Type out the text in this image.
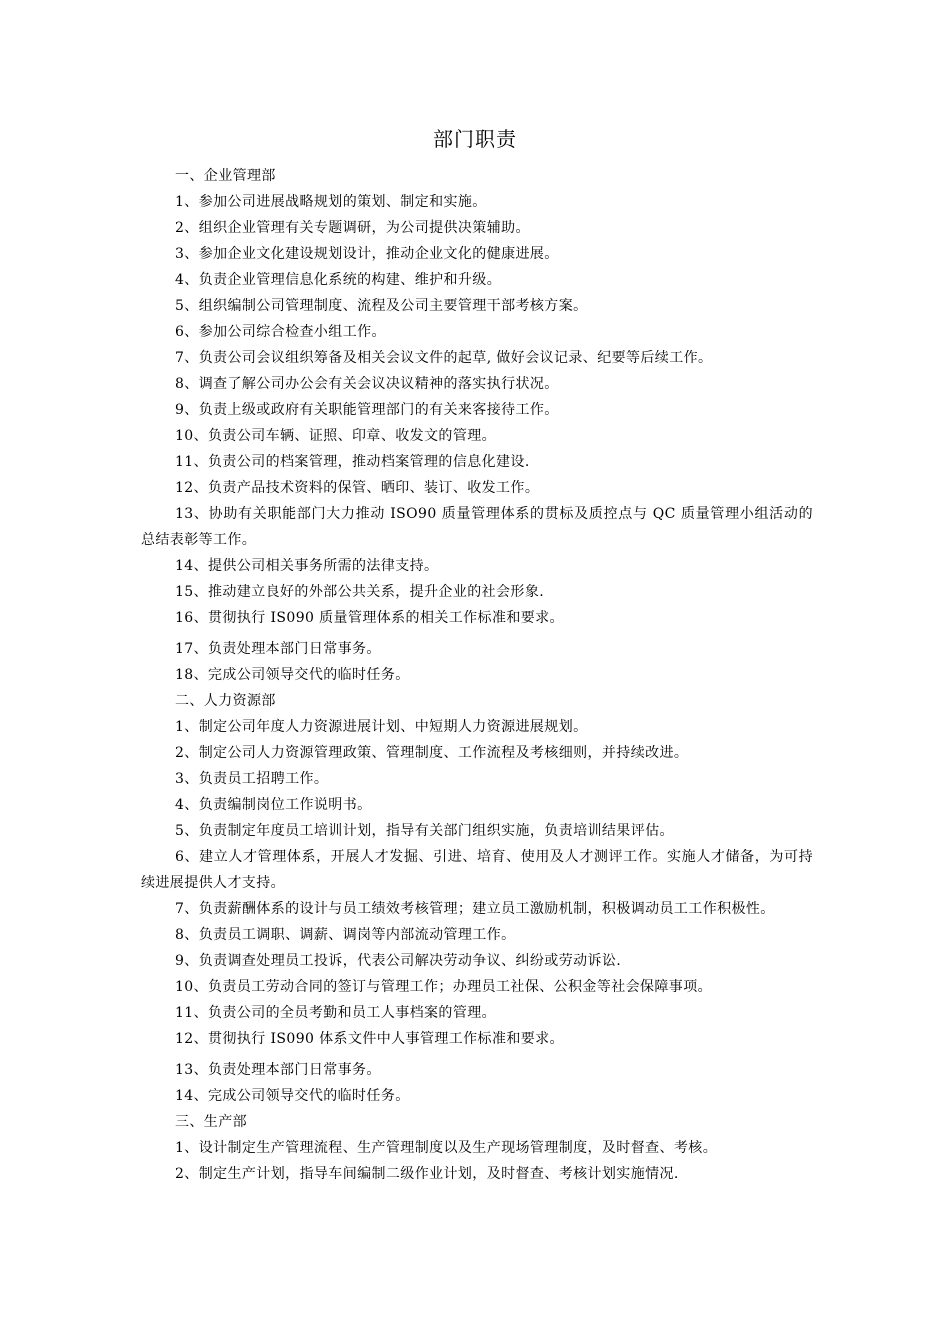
部门职责
一、企业管理部
1、参加公司进展战略规划的策划、制定和实施。
2、组织企业管理有关专题调研，为公司提供决策辅助。
3、参加企业文化建设规划设计，推动企业文化的健康进展。
4、负责企业管理信息化系统的构建、维护和升级。
5、组织编制公司管理制度、流程及公司主要管理干部考核方案。
6、参加公司综合检查小组工作。
7、负责公司会议组织筹备及相关会议文件的起草, 做好会议记录、纪要等后续工作。
8、调查了解公司办公会有关会议决议精神的落实执行状况。
9、负责上级或政府有关职能管理部门的有关来客接待工作。
10、负责公司车辆、证照、印章、收发文的管理。
11、负责公司的档案管理，推动档案管理的信息化建设.
12、负责产品技术资料的保管、晒印、装订、收发工作。
13、协助有关职能部门大力推动 ISO90 质量管理体系的贯标及质控点与 QC 质量管理小组活动的总结表彰等工作。
14、提供公司相关事务所需的法律支持。
15、推动建立良好的外部公共关系，提升企业的社会形象.
16、贯彻执行 IS090 质量管理体系的相关工作标准和要求。
17、负责处理本部门日常事务。
18、完成公司领导交代的临时任务。
二、人力资源部
1、制定公司年度人力资源进展计划、中短期人力资源进展规划。
2、制定公司人力资源管理政策、管理制度、工作流程及考核细则，并持续改进。
3、负责员工招聘工作。
4、负责编制岗位工作说明书。
5、负责制定年度员工培训计划，指导有关部门组织实施，负责培训结果评估。
6、建立人才管理体系，开展人才发掘、引进、培育、使用及人才测评工作。实施人才储备，为可持续进展提供人才支持。
7、负责薪酬体系的设计与员工绩效考核管理；建立员工激励机制，积极调动员工工作积极性。
8、负责员工调职、调薪、调岗等内部流动管理工作。
9、负责调查处理员工投诉，代表公司解决劳动争议、纠纷或劳动诉讼.
10、负责员工劳动合同的签订与管理工作；办理员工社保、公积金等社会保障事项。
11、负责公司的全员考勤和员工人事档案的管理。
12、贯彻执行 IS090 体系文件中人事管理工作标准和要求。
13、负责处理本部门日常事务。
14、完成公司领导交代的临时任务。
三、生产部
1、设计制定生产管理流程、生产管理制度以及生产现场管理制度，及时督查、考核。
2、制定生产计划，指导车间编制二级作业计划，及时督查、考核计划实施情况.
